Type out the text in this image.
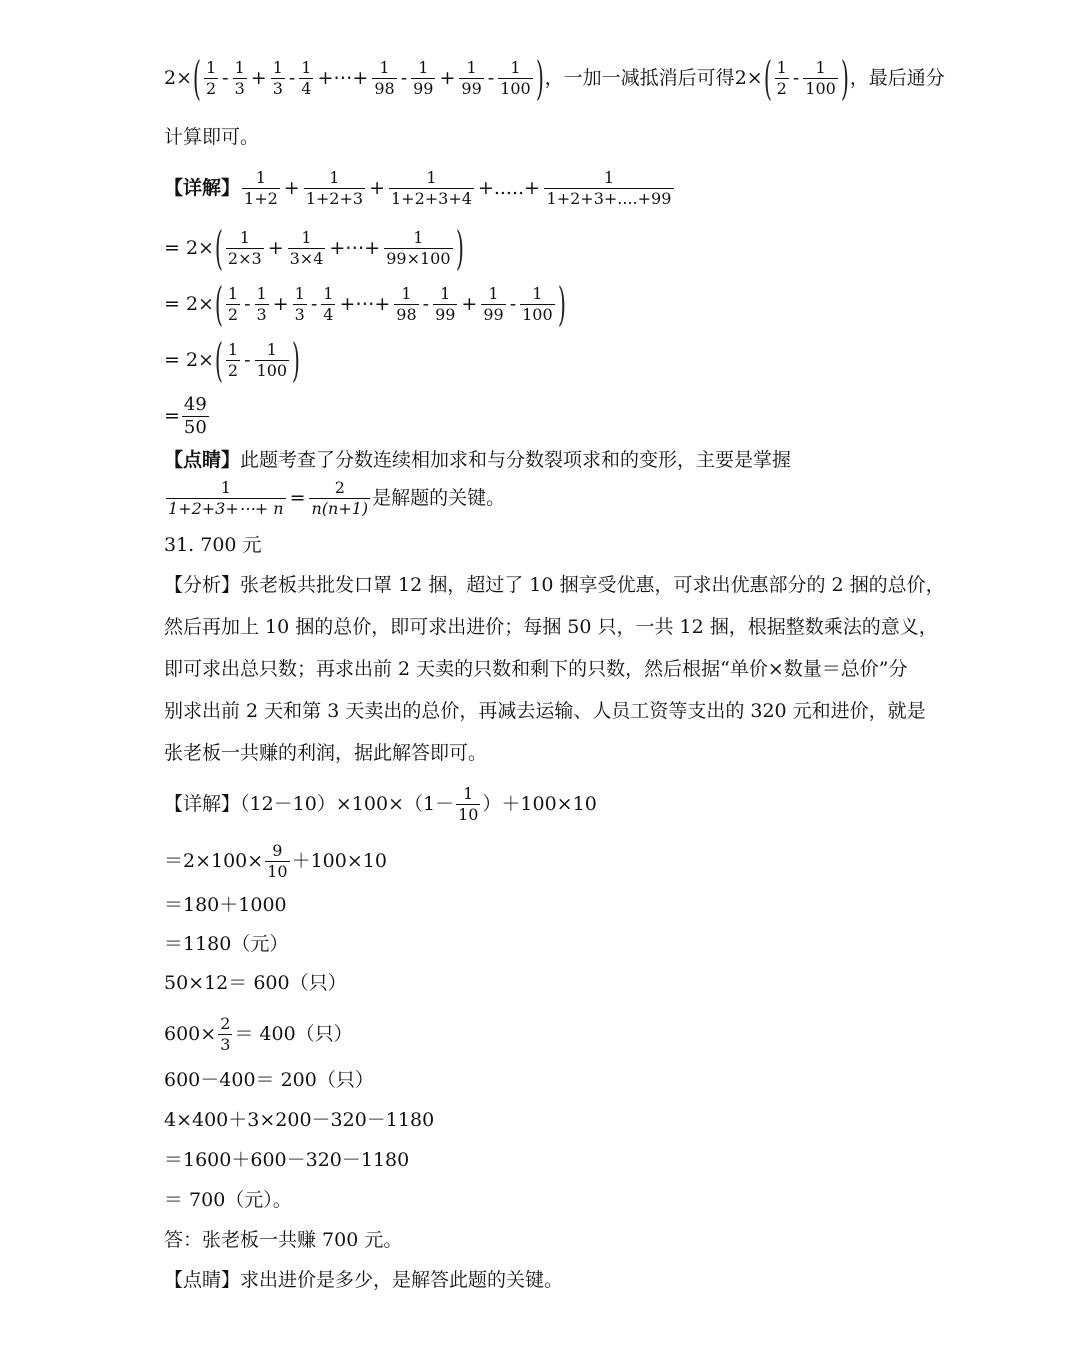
2× ( $\frac{1}{2} - \frac{1}{3} + \frac{1}{3} - \frac{1}{4}$ +⋯+ $\frac{1}{98} - \frac{1}{99} + \frac{1}{99} - \frac{1}{100}$ ) ，一加一减抵消后可得 2× ( $\frac{1}{2} - \frac{1}{100}$ ) ，最后通分
计算即可。
【详解】 $\frac{1}{1+2} + \frac{1}{1+2+3} + \frac{1}{1+2+3+4}$ +.....+ $\frac{1}{1+2+3+....+99}$
= 2× ( $\frac{1}{2\times 3} + \frac{1}{3\times 4}$ +⋯+ $\frac{1}{99\times 100}$ )
= 2× ( $\frac{1}{2} - \frac{1}{3} + \frac{1}{3} - \frac{1}{4}$ +⋯+ $\frac{1}{98} - \frac{1}{99} + \frac{1}{99} - \frac{1}{100}$ )
= 2× ( $\frac{1}{2} - \frac{1}{100}$ )
= $\frac{49}{50}$
【点睛】 此题考查了分数连续相加求和与分数裂项求和的变形，主要是掌握
$\frac{1}{1+2+3+\cdots+ n} = \frac{2}{n(n+1)}$ 是解题的关键。
31. 700 元
【分析】张老板共批发口罩 12 捆，超过了 10 捆享受优惠，可求出优惠部分的 2 捆的总价，
然后再加上 10 捆的总价，即可求出进价；每捆 50 只，一共 12 捆，根据整数乘法的意义，
即可求出总只数；再求出前 2 天卖的只数和剩下的只数，然后根据“单价×数量＝总价”分
别求出前 2 天和第 3 天卖出的总价，再减去运输、人员工资等支出的 320 元和进价，就是
张老板一共赚的利润，据此解答即可。
【详解】$(12-10)\times 100\times(1- \frac{1}{10} )+100\times 10$
$=2\times 100\times \frac{9}{10} +100\times 10$
＝180＋1000
＝1180（元）
50×12＝ 600（只）
$600\times \frac{2}{3} = 400$（只）
600－400＝ 200（只）
4×400＋3×200－320－1180
＝1600＋600－320－1180
＝ 700（元）。
答：张老板一共赚 700 元。
【点睛】求出进价是多少，是解答此题的关键。
